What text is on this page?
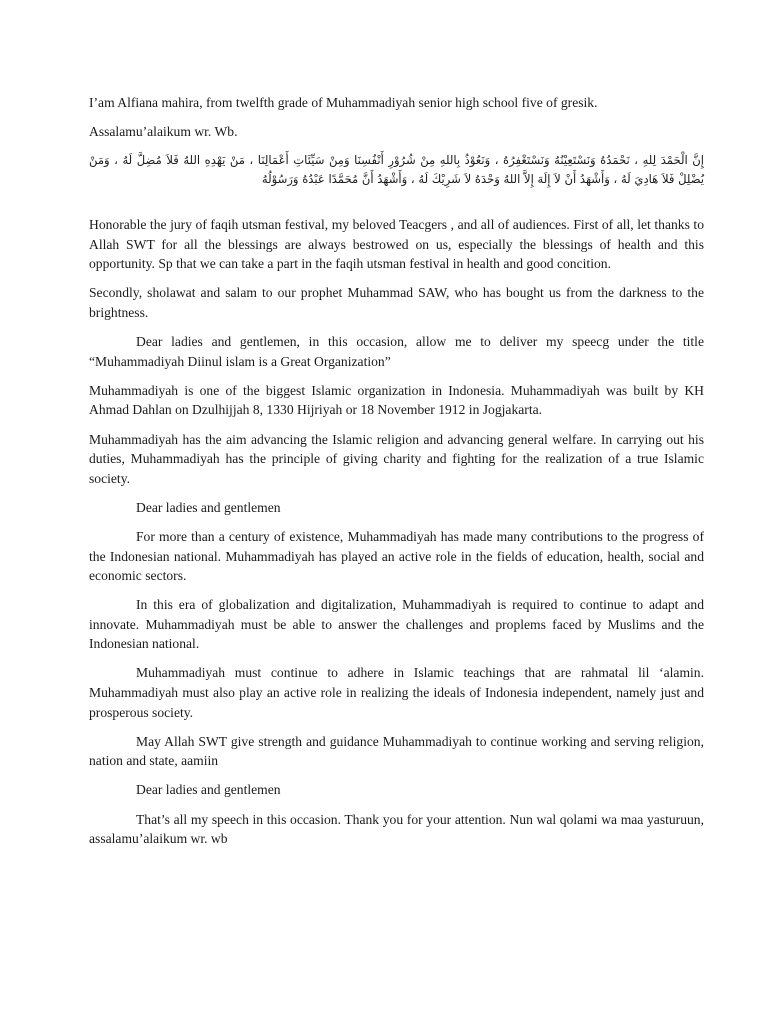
I’am Alfiana mahira, from twelfth grade of Muhammadiyah senior high school five of gresik.

Assalamu’alaikum wr. Wb.

إِنَّ الْحَمْدَ لِلهِ ، نَحْمَدُهُ وَنَسْتَعِيْنُهُ وَنَسْتَغْفِرُهُ ، وَنَعُوْذُ بِاللهِ مِنْ شُرُوْرِ أَنْفُسِنَا وَمِنْ سَيِّئَاتِ أَعْمَالِنَا ، مَنْ يَهْدِهِ اللهُ فَلاَ مُضِلَّ لَهُ ، وَمَنْ يُضْلِلْ فَلاَ هَادِيَ لَهُ ، وَأَشْهَدُ أَنْ لاَ إِلَهَ إِلاَّ اللهُ وَحْدَهُ لاَ شَرِيْكَ لَهُ ، وَأَشْهَدُ أَنَّ مُحَمَّدًا عَبْدُهُ وَرَسُوْلُهُ

Honorable the jury of faqih utsman festival, my beloved Teacgers , and all of audiences. First of all, let thanks to Allah SWT for all the blessings are always bestrowed on us, especially the blessings of health and this opportunity. Sp that we can take a part in the faqih utsman festival in health and good concition.

Secondly, sholawat and salam to our prophet Muhammad SAW, who has bought us from the darkness to the brightness.

Dear ladies and gentlemen, in this occasion, allow me to deliver my speecg under the title “Muhammadiyah Diinul islam is a Great Organization”

Muhammadiyah is one of the biggest Islamic organization in Indonesia. Muhammadiyah was built by KH Ahmad Dahlan on Dzulhijjah 8, 1330 Hijriyah or 18 November 1912 in Jogjakarta.

Muhammadiyah has the aim advancing the Islamic religion and advancing general welfare. In carrying out his duties, Muhammadiyah has the principle of giving charity and fighting for the realization of a true Islamic society.

Dear ladies and gentlemen

For more than a century of existence, Muhammadiyah has made many contributions to the progress of the Indonesian national. Muhammadiyah has played an active role in the fields of education, health, social and economic sectors.

In this era of globalization and digitalization, Muhammadiyah is required to continue to adapt and innovate. Muhammadiyah must be able to answer the challenges and proplems faced by Muslims and the Indonesian national.

Muhammadiyah must continue to adhere in Islamic teachings that are rahmatal lil ‘alamin. Muhammadiyah must also play an active role in realizing the ideals of Indonesia independent, namely just and prosperous society.

May Allah SWT give strength and guidance Muhammadiyah to continue working and serving religion, nation and state, aamiin

Dear ladies and gentlemen

That’s all my speech in this occasion. Thank you for your attention. Nun wal qolami wa maa yasturuun, assalamu’alaikum wr. wb
